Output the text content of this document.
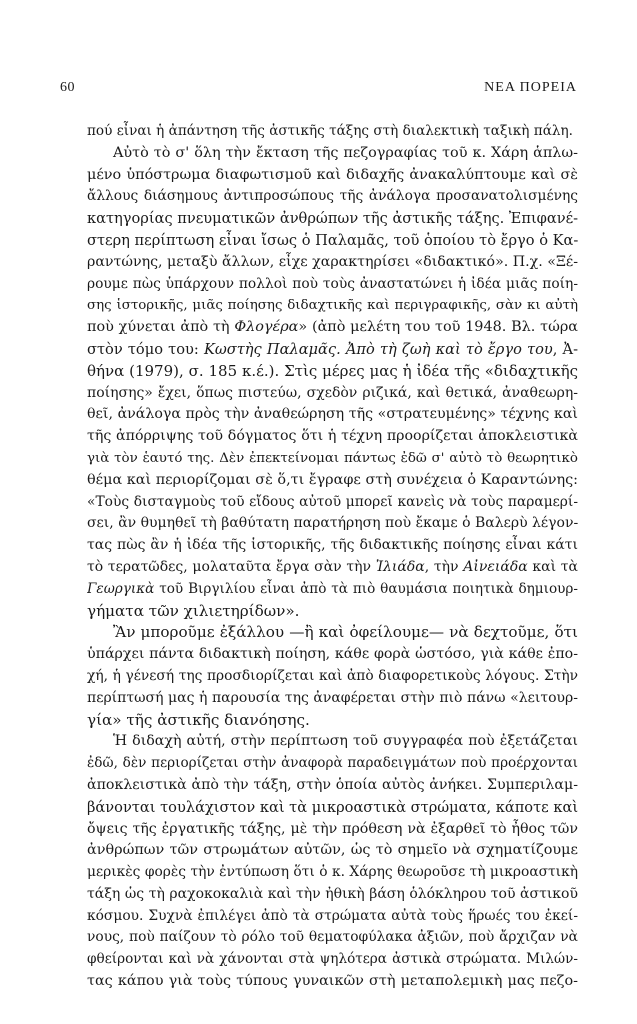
60	ΝΕΑ ΠΟΡΕΙΑ
πού εἶναι ἡ ἀπάντηση τῆς ἀστικῆς τάξης στὴ διαλεκτικὴ ταξικὴ πάλη.
Αὐτὸ τὸ σ' ὅλη τὴν ἔκταση τῆς πεζογραφίας τοῦ κ. Χάρη ἁπλω-
μένο ὑπόστρωμα διαφωτισμοῦ καὶ διδαχῆς ἀνακαλύπτουμε καὶ σὲ
ἄλλους διάσημους ἀντιπροσώπους τῆς ἀνάλογα προσανατολισμένης
κατηγορίας πνευματικῶν ἀνθρώπων τῆς ἀστικῆς τάξης. Ἐπιφανέ-
στερη περίπτωση εἶναι ἴσως ὁ Παλαμᾶς, τοῦ ὁποίου τὸ ἔργο ὁ Κα-
ραντώνης, μεταξὺ ἄλλων, εἶχε χαρακτηρίσει «διδακτικό». Π.χ. «Ξέ-
ρουμε πὼς ὑπάρχουν πολλοὶ ποὺ τοὺς ἀναστατώνει ἡ ἰδέα μιᾶς ποίη-
σης ἱστορικῆς, μιᾶς ποίησης διδαχτικῆς καὶ περιγραφικῆς, σὰν κι αὐτὴ
ποὺ χύνεται ἀπὸ τὴ Φλογέρα» (ἀπὸ μελέτη του τοῦ 1948. Βλ. τώρα
στὸν τόμο του: Κωστὴς Παλαμᾶς. Ἀπὸ τὴ ζωὴ καὶ τὸ ἔργο του, Ἀ-
θήνα (1979), σ. 185 κ.έ.). Στὶς μέρες μας ἡ ἰδέα τῆς «διδαχτικῆς
ποίησης» ἔχει, ὅπως πιστεύω, σχεδὸν ριζικά, καὶ θετικά, ἀναθεωρη-
θεῖ, ἀνάλογα πρὸς τὴν ἀναθεώρηση τῆς «στρατευμένης» τέχνης καὶ
τῆς ἀπόρριψης τοῦ δόγματος ὅτι ἡ τέχνη προορίζεται ἀποκλειστικὰ
γιὰ τὸν ἑαυτό της. Δὲν ἐπεκτείνομαι πάντως ἐδῶ σ' αὐτὸ τὸ θεωρητικὸ
θέμα καὶ περιορίζομαι σὲ ὅ,τι ἔγραφε στὴ συνέχεια ὁ Καραντώνης:
«Τοὺς δισταγμοὺς τοῦ εἴδους αὐτοῦ μπορεῖ κανεὶς νὰ τοὺς παραμερί-
σει, ἂν θυμηθεῖ τὴ βαθύτατη παρατήρηση ποὺ ἔκαμε ὁ Βαλερὺ λέγον-
τας πὼς ἂν ἡ ἰδέα τῆς ἱστορικῆς, τῆς διδακτικῆς ποίησης εἶναι κάτι
τὸ τερατῶδες, μολαταῦτα ἔργα σὰν τὴν Ἰλιάδα, τὴν Αἰνειάδα καὶ τὰ
Γεωργικὰ τοῦ Βιργιλίου εἶναι ἀπὸ τὰ πιὸ θαυμάσια ποιητικὰ δημιουρ-
γήματα τῶν χιλιετηρίδων».
Ἂν μποροῦμε ἐξάλλου —ἢ καὶ ὀφείλουμε— νὰ δεχτοῦμε, ὅτι
ὑπάρχει πάντα διδακτικὴ ποίηση, κάθε φορὰ ὡστόσο, γιὰ κάθε ἐπο-
χή, ἡ γένεσή της προσδιορίζεται καὶ ἀπὸ διαφορετικοὺς λόγους. Στὴν
περίπτωσή μας ἡ παρουσία της ἀναφέρεται στὴν πιὸ πάνω «λειτουρ-
γία» τῆς ἀστικῆς διανόησης.
Ἡ διδαχὴ αὐτή, στὴν περίπτωση τοῦ συγγραφέα ποὺ ἐξετάζεται
ἐδῶ, δὲν περιορίζεται στὴν ἀναφορὰ παραδειγμάτων ποὺ προέρχονται
ἀποκλειστικὰ ἀπὸ τὴν τάξη, στὴν ὁποία αὐτὸς ἀνήκει. Συμπεριλαμ-
βάνονται τουλάχιστον καὶ τὰ μικροαστικὰ στρώματα, κάποτε καὶ
ὄψεις τῆς ἐργατικῆς τάξης, μὲ τὴν πρόθεση νὰ ἐξαρθεῖ τὸ ἦθος τῶν
ἀνθρώπων τῶν στρωμάτων αὐτῶν, ὡς τὸ σημεῖο νὰ σχηματίζουμε
μερικὲς φορὲς τὴν ἐντύπωση ὅτι ὁ κ. Χάρης θεωροῦσε τὴ μικροαστικὴ
τάξη ὡς τὴ ραχοκοκαλιὰ καὶ τὴν ἠθικὴ βάση ὁλόκληρου τοῦ ἀστικοῦ
κόσμου. Συχνὰ ἐπιλέγει ἀπὸ τὰ στρώματα αὐτὰ τοὺς ἥρωές του ἐκεί-
νους, ποὺ παίζουν τὸ ρόλο τοῦ θεματοφύλακα ἀξιῶν, ποὺ ἄρχιζαν νὰ
φθείρονται καὶ νὰ χάνονται στὰ ψηλότερα ἀστικὰ στρώματα. Μιλών-
τας κάπου γιὰ τοὺς τύπους γυναικῶν στὴ μεταπολεμικὴ μας πεζο-
